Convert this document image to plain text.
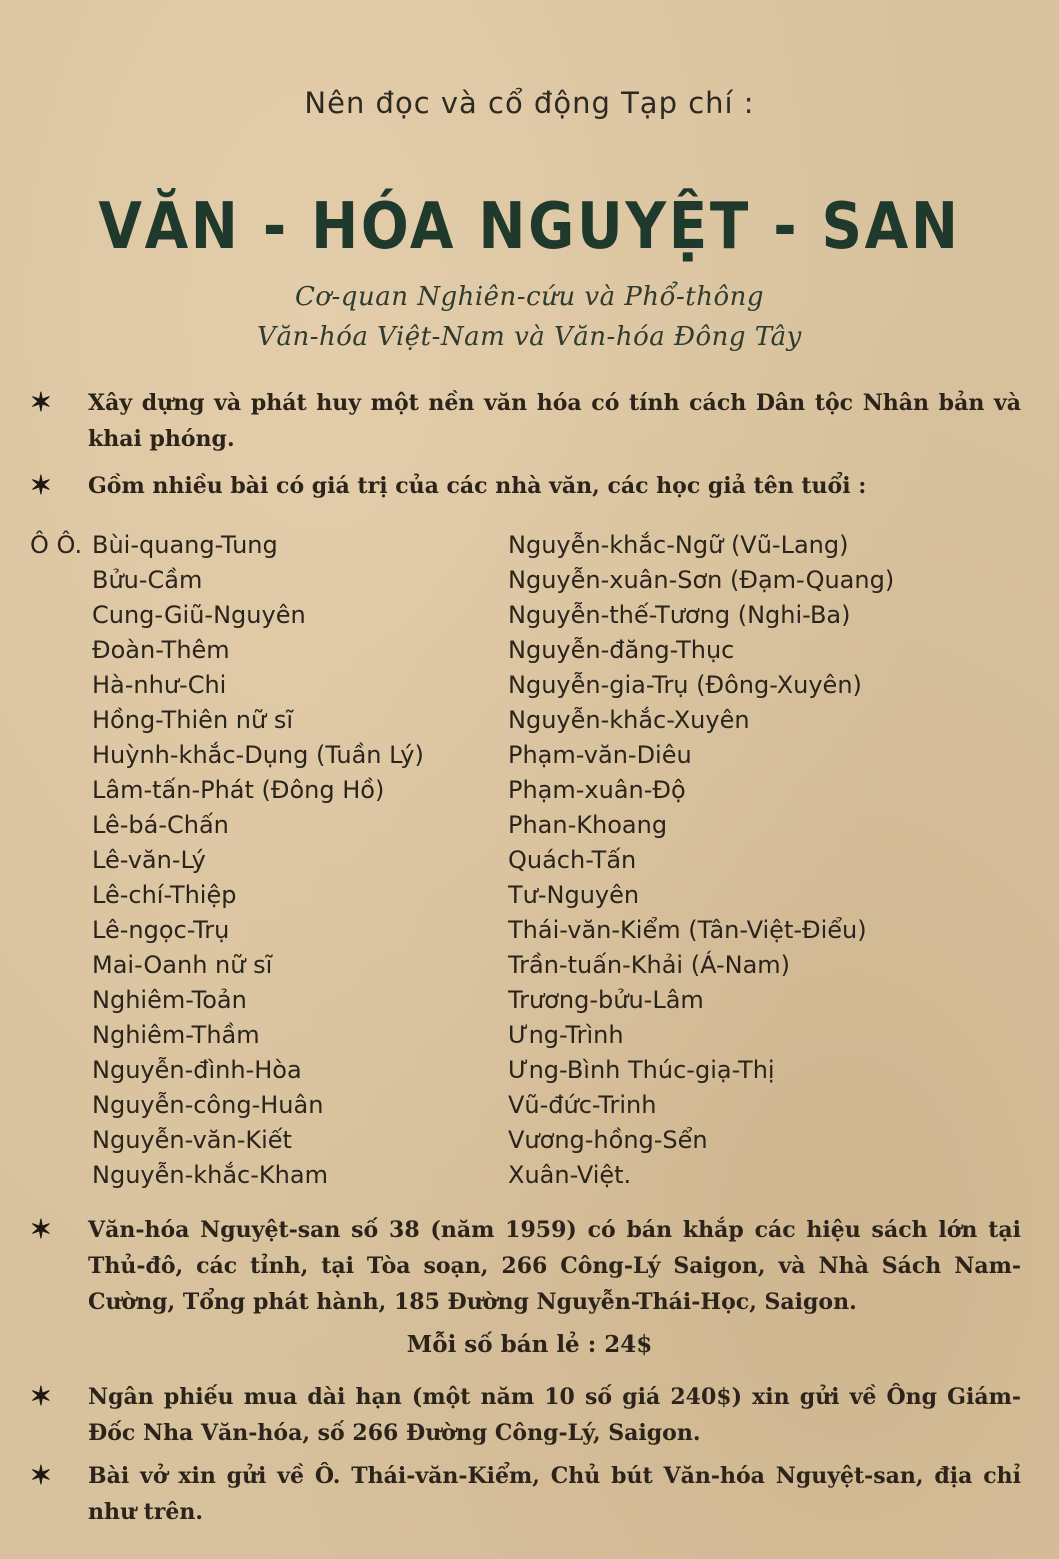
Nên đọc và cổ động Tạp chí :
VĂN - HÓA NGUYỆT - SAN
Cơ-quan Nghiên-cứu và Phổ-thông
Văn-hóa Việt-Nam và Văn-hóa Đông Tây
✶ Xây dựng và phát huy một nền văn hóa có tính cách Dân tộc Nhân bản và khai phóng.
✶ Gồm nhiều bài có giá trị của các nhà văn, các học giả tên tuổi :
Ô Ô. Bùi-quang-Tung
Bửu-Cầm
Cung-Giũ-Nguyên
Đoàn-Thêm
Hà-như-Chi
Hồng-Thiên nữ sĩ
Huỳnh-khắc-Dụng (Tuần Lý)
Lâm-tấn-Phát (Đông Hồ)
Lê-bá-Chấn
Lê-văn-Lý
Lê-chí-Thiệp
Lê-ngọc-Trụ
Mai-Oanh nữ sĩ
Nghiêm-Toản
Nghiêm-Thầm
Nguyễn-đình-Hòa
Nguyễn-công-Huân
Nguyễn-văn-Kiết
Nguyễn-khắc-Kham
Nguyễn-khắc-Ngữ (Vũ-Lang)
Nguyễn-xuân-Sơn (Đạm-Quang)
Nguyễn-thế-Tương (Nghi-Ba)
Nguyễn-đăng-Thục
Nguyễn-gia-Trụ (Đông-Xuyên)
Nguyễn-khắc-Xuyên
Phạm-văn-Diêu
Phạm-xuân-Độ
Phan-Khoang
Quách-Tấn
Tư-Nguyên
Thái-văn-Kiểm (Tân-Việt-Điểu)
Trần-tuấn-Khải (Á-Nam)
Trương-bửu-Lâm
Ưng-Trình
Ưng-Bình Thúc-giạ-Thị
Vũ-đức-Trinh
Vương-hồng-Sển
Xuân-Việt.
✶ Văn-hóa Nguyệt-san số 38 (năm 1959) có bán khắp các hiệu sách lớn tại Thủ-đô, các tỉnh, tại Tòa soạn, 266 Công-Lý Saigon, và Nhà Sách Nam-Cường, Tổng phát hành, 185 Đường Nguyễn-Thái-Học, Saigon.
Mỗi số bán lẻ : 24$
✶ Ngân phiếu mua dài hạn (một năm 10 số giá 240$) xin gửi về Ông Giám-Đốc Nha Văn-hóa, số 266 Đường Công-Lý, Saigon.
✶ Bài vở xin gửi về Ô. Thái-văn-Kiểm, Chủ bút Văn-hóa Nguyệt-san, địa chỉ như trên.
